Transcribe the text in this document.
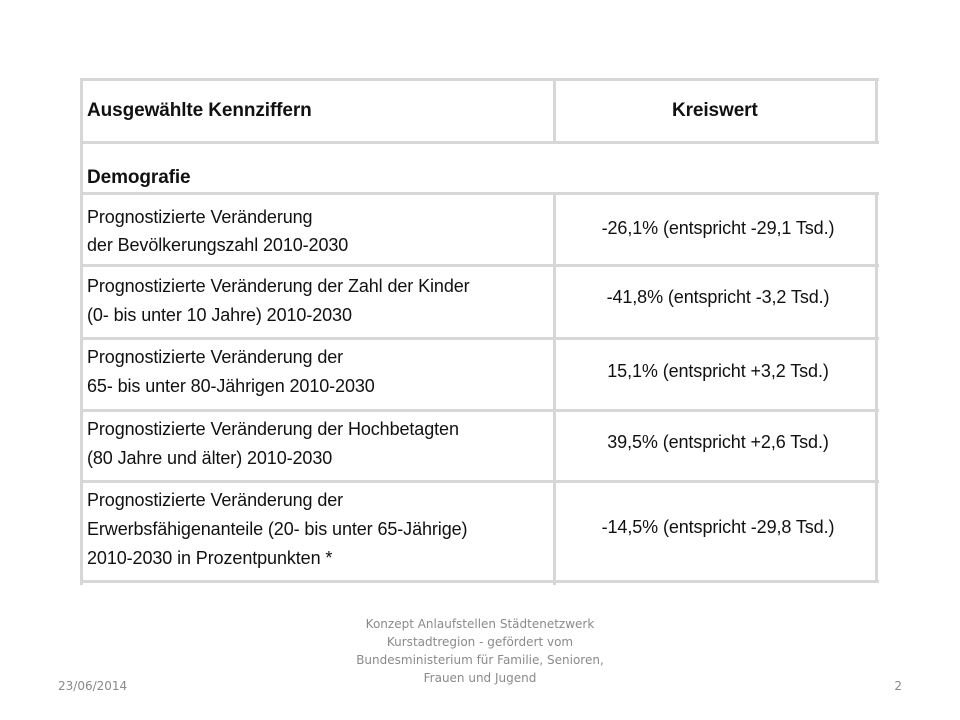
Ausgewählte Kennziffern	Kreiswert
Demografie
Prognostizierte Veränderung
der Bevölkerungszahl 2010-2030
-26,1% (entspricht -29,1 Tsd.)
Prognostizierte Veränderung der Zahl der Kinder
(0- bis unter 10 Jahre) 2010-2030
-41,8% (entspricht -3,2 Tsd.)
Prognostizierte Veränderung der
65- bis unter 80-Jährigen 2010-2030
15,1% (entspricht +3,2 Tsd.)
Prognostizierte Veränderung der Hochbetagten
(80 Jahre und älter) 2010-2030
39,5% (entspricht +2,6 Tsd.)
Prognostizierte Veränderung der
Erwerbsfähigenanteile (20- bis unter 65-Jährige)
2010-2030 in Prozentpunkten *
-14,5% (entspricht -29,8 Tsd.)
Konzept Anlaufstellen Städtenetzwerk
Kurstadtregion - gefördert vom
Bundesministerium für Familie, Senioren,
Frauen und Jugend
23/06/2014	2
